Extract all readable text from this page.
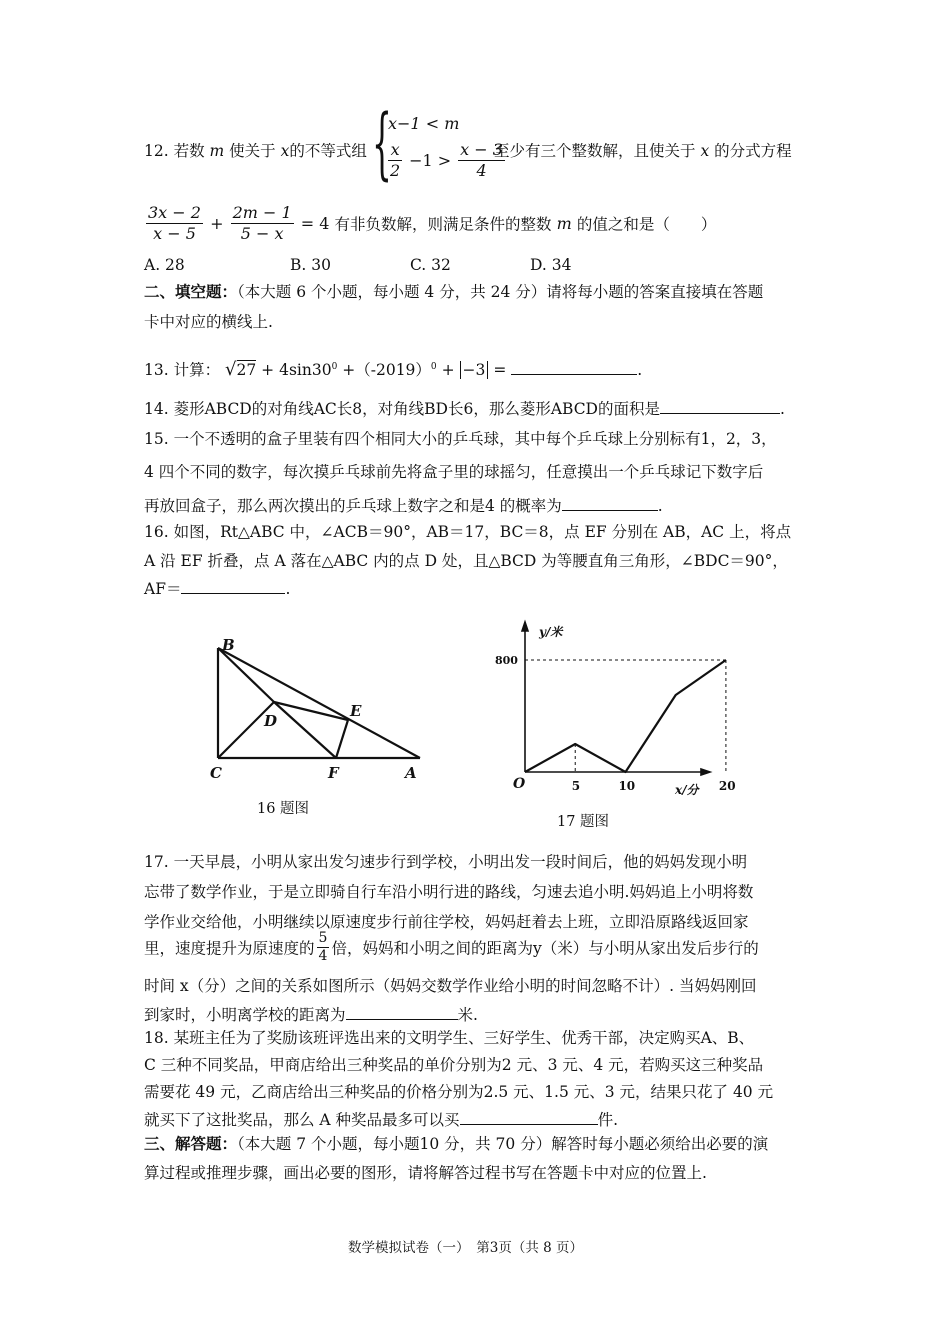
{
x−1 < m
$\frac{x}{2} -1 > \frac{x - 3}{4}$
12. 若数 m 使关于 x的不等式组	至少有三个整数解，且使关于 x 的分式方程
$\frac{3x - 2}{x - 5} + \frac{2m - 1}{5 - x} = 4$ 有非负数解，则满足条件的整数 m 的值之和是（　　）
A. 28	B. 30	C. 32	D. 34
二、填空题：（本大题 6 个小题，每小题 4 分，共 24 分）请将每小题的答案直接填在答题
卡中对应的横线上.
13. 计算： $√27 + 4\sin 30^0 +(-2019)^0 + -3$ =	.
14. 菱形ABCD的对角线AC长8，对角线BD长6，那么菱形ABCD的面积是	.
15. 一个不透明的盒子里装有四个相同大小的乒乓球，其中每个乒乓球上分别标有1，2，3，
4 四个不同的数字，每次摸乒乓球前先将盒子里的球摇匀，任意摸出一个乒乓球记下数字后
再放回盒子，那么两次摸出的乒乓球上数字之和是4 的概率为	.
16. 如图，Rt△ABC 中，∠ACB＝90°，AB＝17，BC＝8，点 EF 分别在 AB，AC 上，将点
A 沿 EF 折叠，点 A 落在△ABC 内的点 D 处，且△BCD 为等腰直角三角形，∠BDC＝90°，
AF＝	.
B
D
E
C	F	A
16 题图
5	10	20
800
y/米
x/分
O
17 题图
17. 一天早晨，小明从家出发匀速步行到学校，小明出发一段时间后，他的妈妈发现小明
忘带了数学作业，于是立即骑自行车沿小明行进的路线，匀速去追小明.妈妈追上小明将数
学作业交给他，小明继续以原速度步行前往学校，妈妈赶着去上班，立即沿原路线返回家
里，速度提升为原速度的 $\frac{5}{4}$ 倍，妈妈和小明之间的距离为y（米）与小明从家出发后步行的
时间 x（分）之间的关系如图所示（妈妈交数学作业给小明的时间忽略不计）. 当妈妈刚回
到家时，小明离学校的距离为	米.
18. 某班主任为了奖励该班评选出来的文明学生、三好学生、优秀干部，决定购买A、B、
C 三种不同奖品，甲商店给出三种奖品的单价分别为2 元、3 元、4 元，若购买这三种奖品
需要花 49 元，乙商店给出三种奖品的价格分别为2.5 元、1.5 元、3 元，结果只花了 40 元
就买下了这批奖品，那么 A 种奖品最多可以买	件.
三、解答题：（本大题 7 个小题，每小题10 分，共 70 分）解答时每小题必须给出必要的演
算过程或推理步骤，画出必要的图形，请将解答过程书写在答题卡中对应的位置上.
数学模拟试卷（一）　第3页（共 8 页）
